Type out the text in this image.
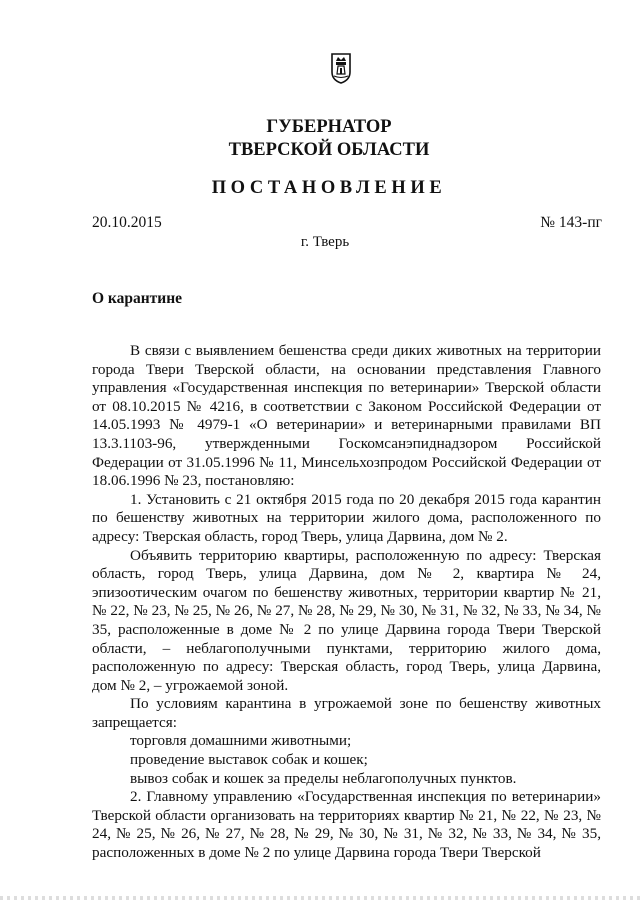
ГУБЕРНАТОР
ТВЕРСКОЙ ОБЛАСТИ
ПОСТАНОВЛЕНИЕ
20.10.2015	№ 143-пг
г. Тверь
О карантине

В связи с выявлением бешенства среди диких животных на территории города Твери Тверской области, на основании представления Главного управления «Государственная инспекция по ветеринарии» Тверской области от 08.10.2015 № 4216, в соответствии с Законом Российской Федерации от 14.05.1993 № 4979-1 «О ветеринарии» и ветеринарными правилами ВП 13.3.1103-96, утвержденными Госкомсанэпиднадзором Российской Федерации от 31.05.1996 № 11, Минсельхозпродом Российской Федерации от 18.06.1996 № 23, постановляю:

1. Установить с 21 октября 2015 года по 20 декабря 2015 года карантин по бешенству животных на территории жилого дома, расположенного по адресу: Тверская область, город Тверь, улица Дарвина, дом № 2.

Объявить территорию квартиры, расположенную по адресу: Тверская область, город Тверь, улица Дарвина, дом № 2, квартира № 24, эпизоотическим очагом по бешенству животных, территории квартир № 21, № 22, № 23, № 25, № 26, № 27, № 28, № 29, № 30, № 31, № 32, № 33, № 34, № 35, расположенные в доме № 2 по улице Дарвина города Твери Тверской области, – неблагополучными пунктами, территорию жилого дома, расположенную по адресу: Тверская область, город Тверь, улица Дарвина, дом № 2, – угрожаемой зоной.

По условиям карантина в угрожаемой зоне по бешенству животных запрещается:

торговля домашними животными;

проведение выставок собак и кошек;

вывоз собак и кошек за пределы неблагополучных пунктов.

2. Главному управлению «Государственная инспекция по ветеринарии» Тверской области организовать на территориях квартир № 21, № 22, № 23, № 24, № 25, № 26, № 27, № 28, № 29, № 30, № 31, № 32, № 33, № 34, № 35, расположенных в доме № 2 по улице Дарвина города Твери Тверской
